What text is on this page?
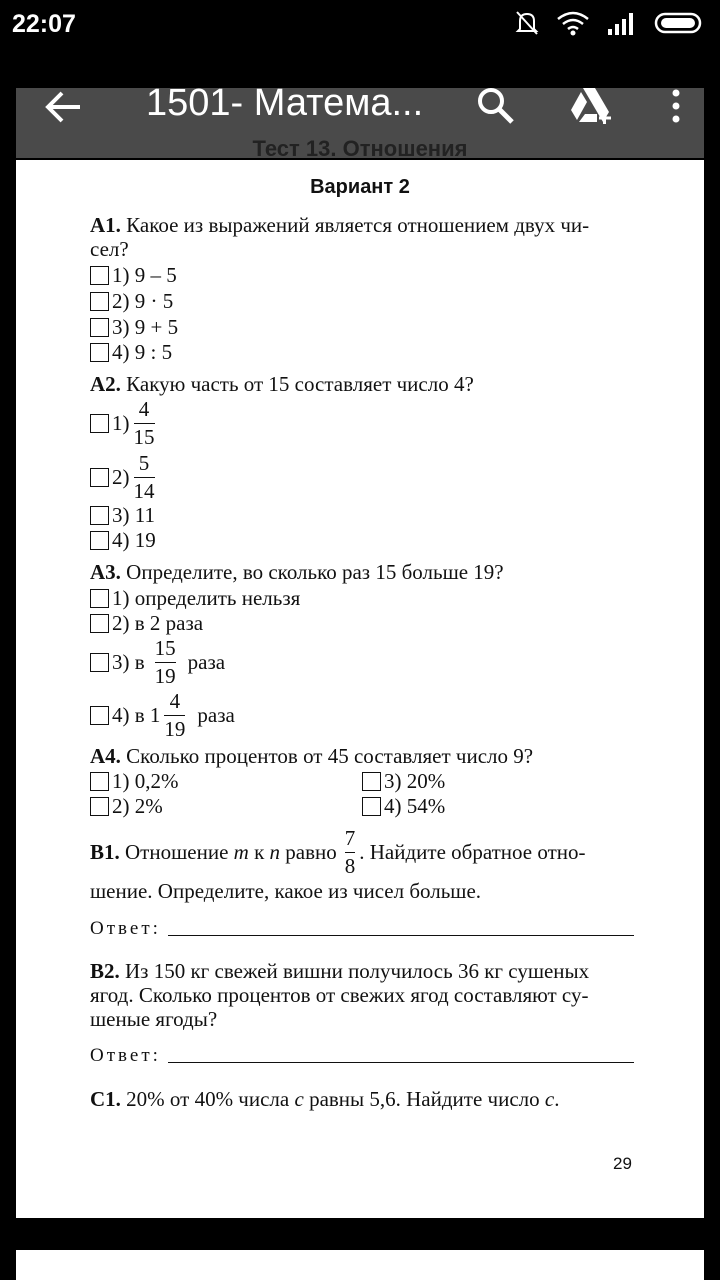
22:07
1501- Матема...
Тест 13. Отношения
Вариант 2
А1. Какое из выражений является отношением двух чи-
сел?
1) 9 – 5
2) 9 · 5
3) 9 + 5
4) 9 : 5
А2. Какую часть от 15 составляет число 4?
$1) \frac{4}{15}$
$2) \frac{5}{14}$
3) 11
4) 19
А3. Определите, во сколько раз 15 больше 19?
1) определить нельзя
2) в 2 раза
3) в $\frac{15}{19}$ раза
4) в $1 \frac{4}{19}$ раза
А4. Сколько процентов от 45 составляет число 9?
1) 0,2%
2) 2%
3) 20%
4) 54%
В1.
Отношение
m
к
n
равно $\frac{7}{8}$ . Найдите обратное отно-
шение. Определите, какое из чисел больше.
Ответ:
В2. Из 150 кг свежей вишни получилось 36 кг сушеных
ягод. Сколько процентов от свежих ягод составляют су-
шеные ягоды?
Ответ:
С1. 20% от 40% числа c равны 5,6. Найдите число c.
29
